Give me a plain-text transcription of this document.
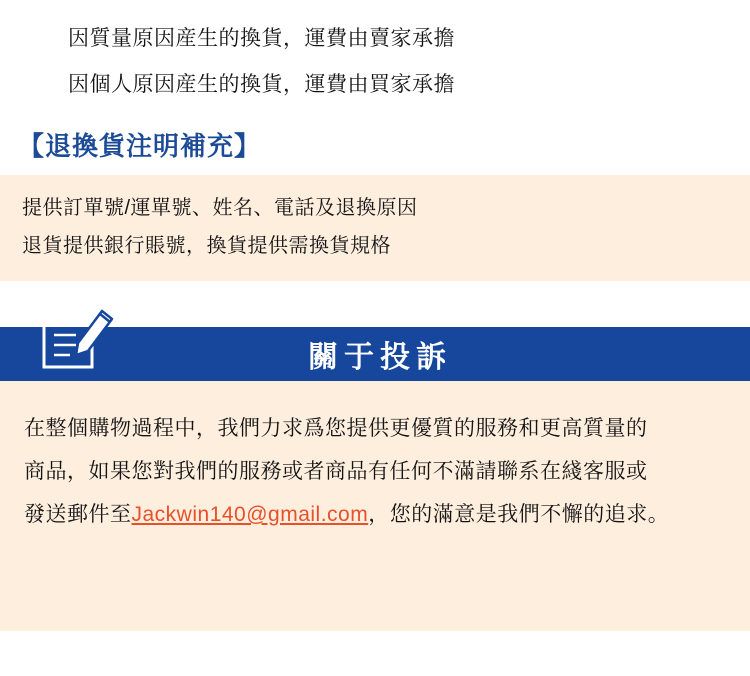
因質量原因産生的換貨，運費由賣家承擔
因個人原因産生的換貨，運費由買家承擔
【退換貨注明補充】
提供訂單號/運單號、姓名、電話及退換原因
退貨提供銀行賬號，換貨提供需換貨規格
關于投訴
在整個購物過程中，我們力求爲您提供更優質的服務和更高質量的
商品，如果您對我們的服務或者商品有任何不滿請聯系在綫客服或
發送郵件至Jackwin140@gmail.com，您的滿意是我們不懈的追求。
